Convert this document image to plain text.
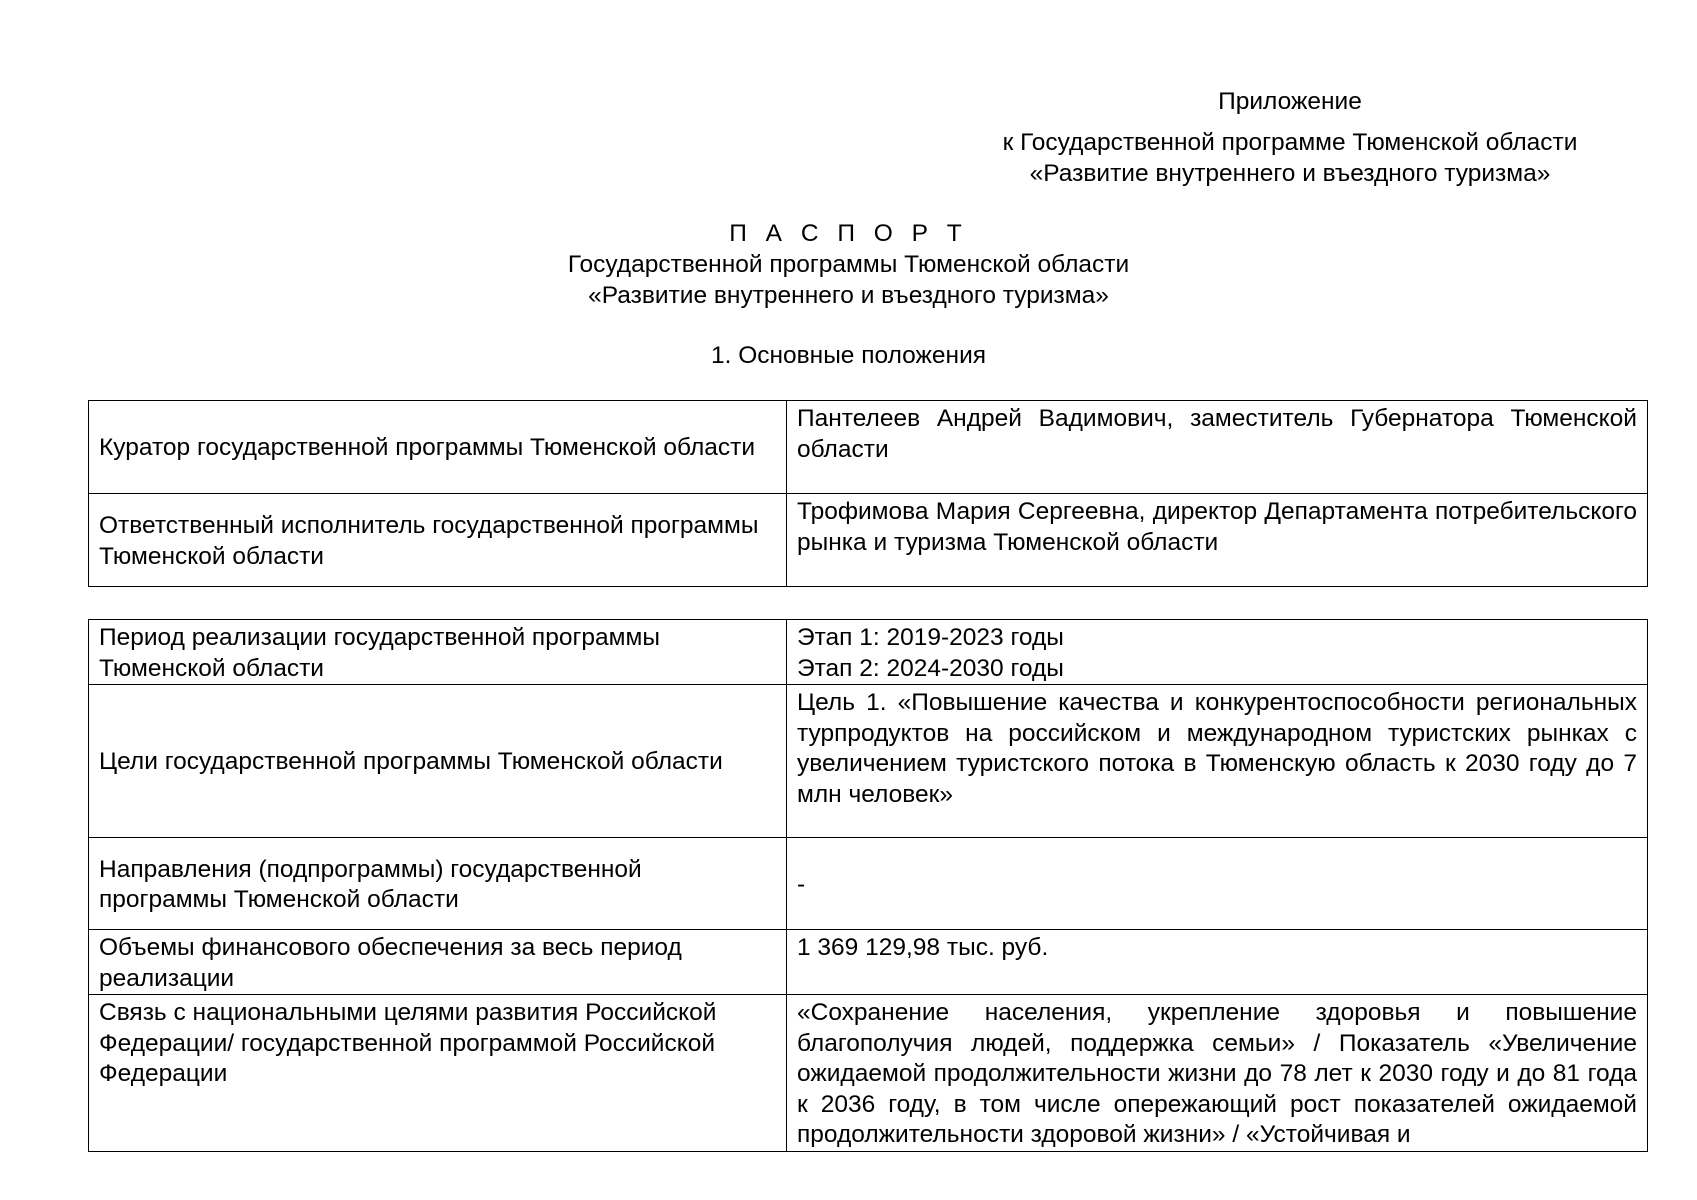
Приложение
к Государственной программе Тюменской области
«Развитие внутреннего и въездного туризма»
П А С П О Р Т
Государственной программы Тюменской области
«Развитие внутреннего и въездного туризма»
1. Основные положения
Куратор государственной программы Тюменской области	Пантелеев Андрей Вадимович, заместитель Губернатора Тюменской области
Ответственный исполнитель государственной программы Тюменской области	Трофимова Мария Сергеевна, директор Департамента потребительского рынка и туризма Тюменской области
Период реализации государственной программы Тюменской области	Этап 1: 2019-2023 годы
Этап 2: 2024-2030 годы

Цели государственной программы Тюменской области	Цель 1. «Повышение качества и конкурентоспособности региональных турпродуктов на российском и международном туристских рынках с увеличением туристского потока в Тюменскую область к 2030 году до 7 млн человек»
Направления (подпрограммы) государственной программы Тюменской области	-
Объемы финансового обеспечения за весь период реализации	1 369 129,98 тыс. руб.
Связь с национальными целями развития Российской Федерации/ государственной программой Российской Федерации	«Сохранение населения, укрепление здоровья и повышение благополучия людей, поддержка семьи» / Показатель «Увеличение ожидаемой продолжительности жизни до 78 лет к 2030 году и до 81 года к 2036 году, в том числе опережающий рост показателей ожидаемой продолжительности здоровой жизни» / «Устойчивая и
